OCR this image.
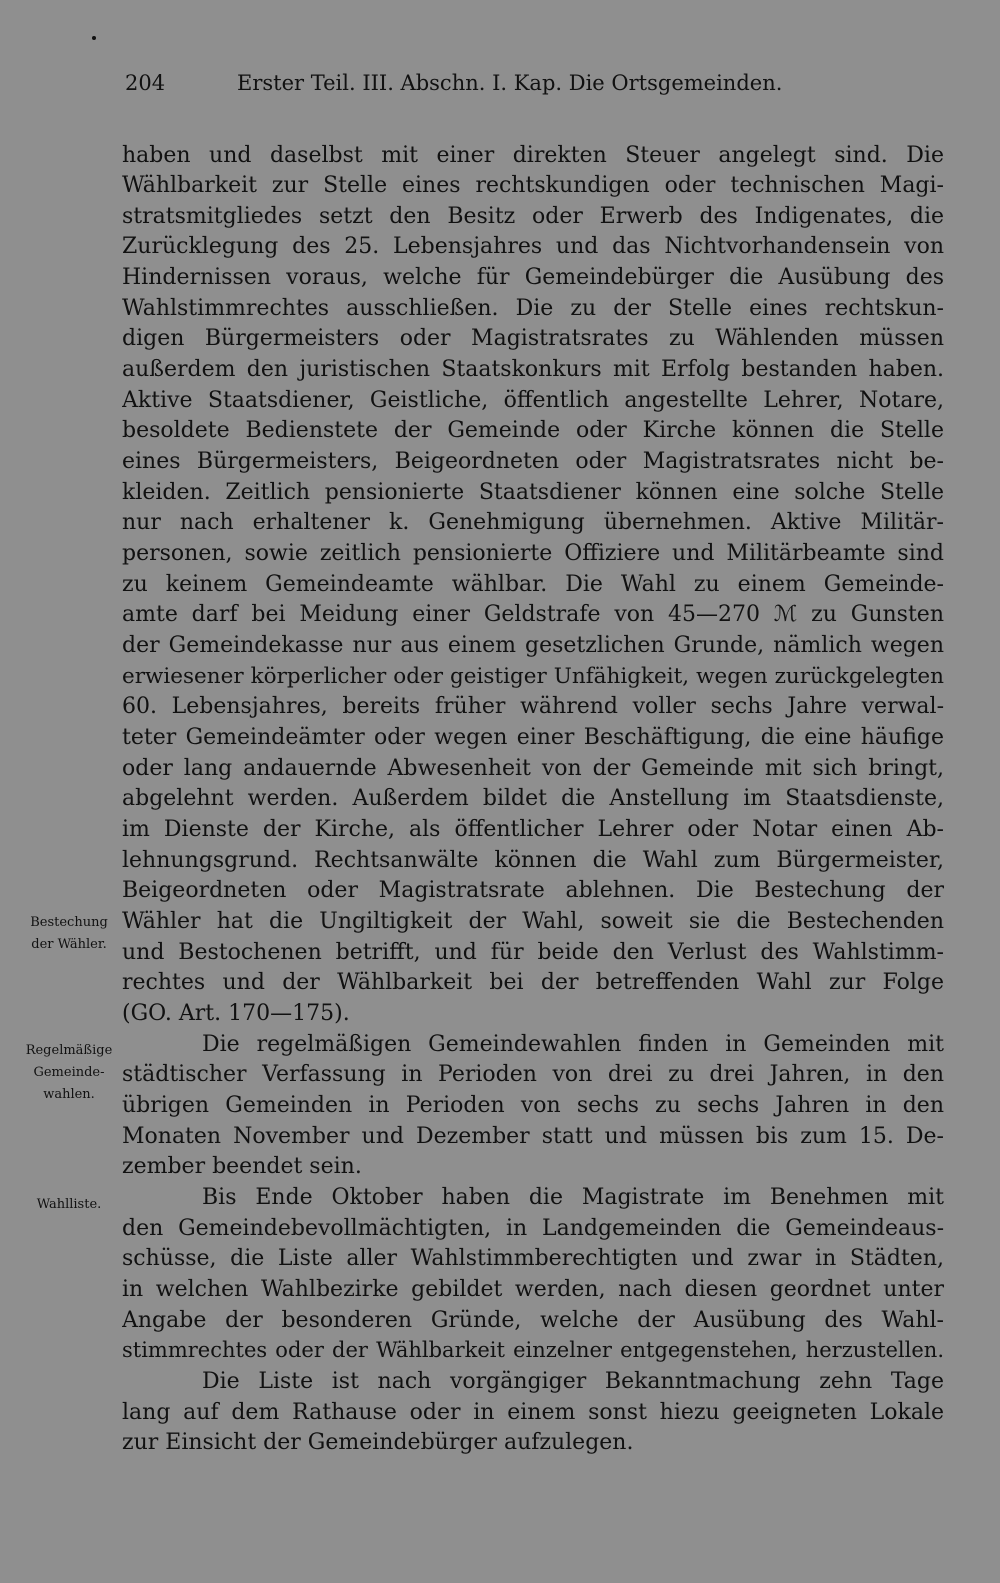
204	Erster Teil. III. Abschn. I. Kap. Die Ortsgemeinden.
Bestechung
der Wähler.
Regelmäßige
Gemeinde-
wahlen.
Wahlliste.
haben und daselbst mit einer direkten Steuer angelegt sind. Die
Wählbarkeit zur Stelle eines rechtskundigen oder technischen Magi-
stratsmitgliedes setzt den Besitz oder Erwerb des Indigenates, die
Zurücklegung des 25. Lebensjahres und das Nichtvorhandensein von
Hindernissen voraus, welche für Gemeindebürger die Ausübung des
Wahlstimmrechtes ausschließen. Die zu der Stelle eines rechtskun-
digen Bürgermeisters oder Magistratsrates zu Wählenden müssen
außerdem den juristischen Staatskonkurs mit Erfolg bestanden haben.
Aktive Staatsdiener, Geistliche, öffentlich angestellte Lehrer, Notare,
besoldete Bedienstete der Gemeinde oder Kirche können die Stelle
eines Bürgermeisters, Beigeordneten oder Magistratsrates nicht be-
kleiden. Zeitlich pensionierte Staatsdiener können eine solche Stelle
nur nach erhaltener k. Genehmigung übernehmen. Aktive Militär-
personen, sowie zeitlich pensionierte Offiziere und Militärbeamte sind
zu keinem Gemeindeamte wählbar. Die Wahl zu einem Gemeinde-
amte darf bei Meidung einer Geldstrafe von 45—270 ℳ zu Gunsten
der Gemeindekasse nur aus einem gesetzlichen Grunde, nämlich wegen
erwiesener körperlicher oder geistiger Unfähigkeit, wegen zurückgelegten
60. Lebensjahres, bereits früher während voller sechs Jahre verwal-
teter Gemeindeämter oder wegen einer Beschäftigung, die eine häufige
oder lang andauernde Abwesenheit von der Gemeinde mit sich bringt,
abgelehnt werden. Außerdem bildet die Anstellung im Staatsdienste,
im Dienste der Kirche, als öffentlicher Lehrer oder Notar einen Ab-
lehnungsgrund. Rechtsanwälte können die Wahl zum Bürgermeister,
Beigeordneten oder Magistratsrate ablehnen. Die Bestechung der
Wähler hat die Ungiltigkeit der Wahl, soweit sie die Bestechenden
und Bestochenen betrifft, und für beide den Verlust des Wahlstimm-
rechtes und der Wählbarkeit bei der betreffenden Wahl zur Folge
(GO. Art. 170—175).
Die regelmäßigen Gemeindewahlen finden in Gemeinden mit
städtischer Verfassung in Perioden von drei zu drei Jahren, in den
übrigen Gemeinden in Perioden von sechs zu sechs Jahren in den
Monaten November und Dezember statt und müssen bis zum 15. De-
zember beendet sein.
Bis Ende Oktober haben die Magistrate im Benehmen mit
den Gemeindebevollmächtigten, in Landgemeinden die Gemeindeaus-
schüsse, die Liste aller Wahlstimmberechtigten und zwar in Städten,
in welchen Wahlbezirke gebildet werden, nach diesen geordnet unter
Angabe der besonderen Gründe, welche der Ausübung des Wahl-
stimmrechtes oder der Wählbarkeit einzelner entgegenstehen, herzustellen.
Die Liste ist nach vorgängiger Bekanntmachung zehn Tage
lang auf dem Rathause oder in einem sonst hiezu geeigneten Lokale
zur Einsicht der Gemeindebürger aufzulegen.
